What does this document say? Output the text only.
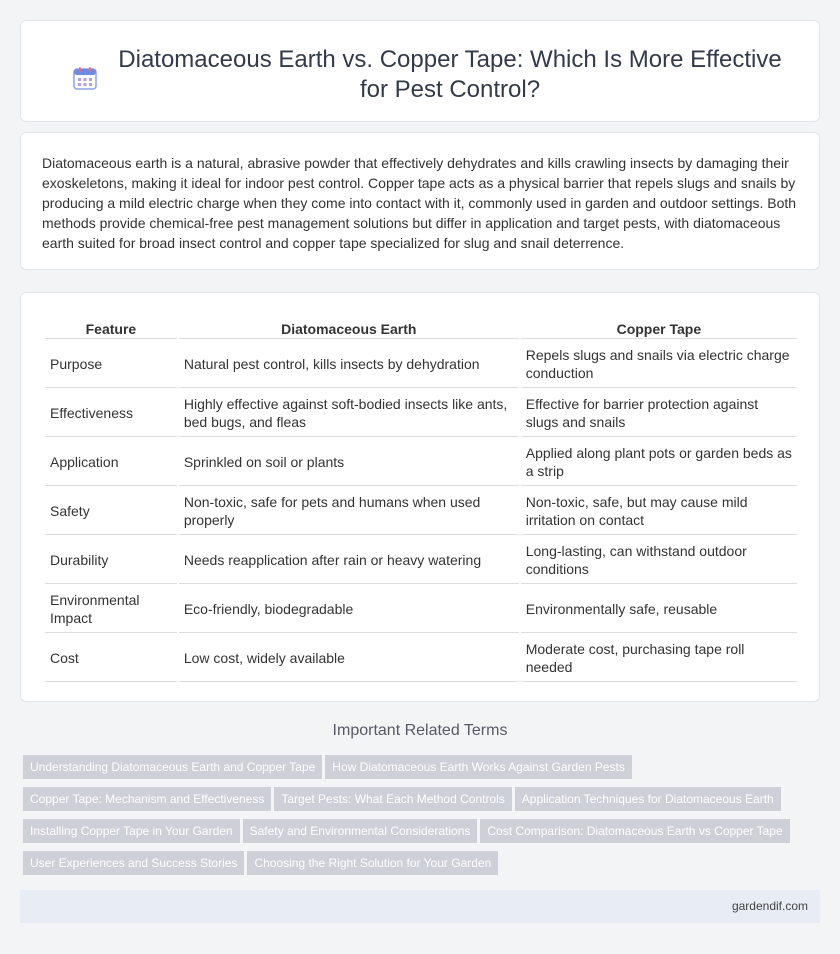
Diatomaceous Earth vs. Copper Tape: Which Is More Effective for Pest Control?

Diatomaceous earth is a natural, abrasive powder that effectively dehydrates and kills crawling insects by damaging their exoskeletons, making it ideal for indoor pest control. Copper tape acts as a physical barrier that repels slugs and snails by producing a mild electric charge when they come into contact with it, commonly used in garden and outdoor settings. Both methods provide chemical-free pest management solutions but differ in application and target pests, with diatomaceous earth suited for broad insect control and copper tape specialized for slug and snail deterrence.

Feature	Diatomaceous Earth	Copper Tape
Purpose	Natural pest control, kills insects by dehydration	Repels slugs and snails via electric charge conduction
Effectiveness	Highly effective against soft-bodied insects like ants, bed bugs, and fleas	Effective for barrier protection against slugs and snails
Application	Sprinkled on soil or plants	Applied along plant pots or garden beds as a strip
Safety	Non-toxic, safe for pets and humans when used properly	Non-toxic, safe, but may cause mild irritation on contact
Durability	Needs reapplication after rain or heavy watering	Long-lasting, can withstand outdoor conditions
Environmental Impact	Eco-friendly, biodegradable	Environmentally safe, reusable
Cost	Low cost, widely available	Moderate cost, purchasing tape roll needed
Important Related Terms
Understanding Diatomaceous Earth and Copper Tape How Diatomaceous Earth Works Against Garden Pests
Copper Tape: Mechanism and Effectiveness Target Pests: What Each Method Controls Application Techniques for Diatomaceous Earth
Installing Copper Tape in Your Garden Safety and Environmental Considerations Cost Comparison: Diatomaceous Earth vs Copper Tape
User Experiences and Success Stories Choosing the Right Solution for Your Garden
gardendif.com
